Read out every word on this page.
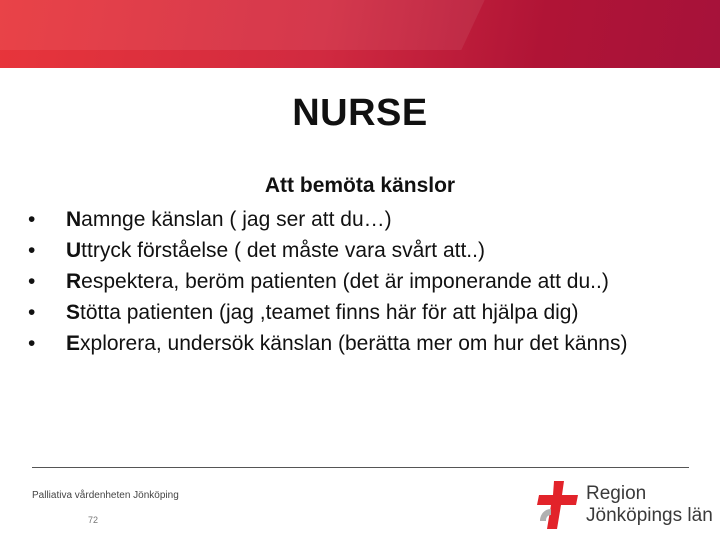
NURSE
Att bemöta känslor
• Namnge känslan ( jag ser att du…)
• Uttryck förståelse ( det måste vara svårt att..)
• Respektera, beröm patienten (det är imponerande att du..)
• Stötta patienten (jag ,teamet finns här för att hjälpa dig)
• Explorera, undersök känslan (berätta mer om hur det känns)
Palliativa vårdenheten Jönköping
72
Region
Jönköpings län
